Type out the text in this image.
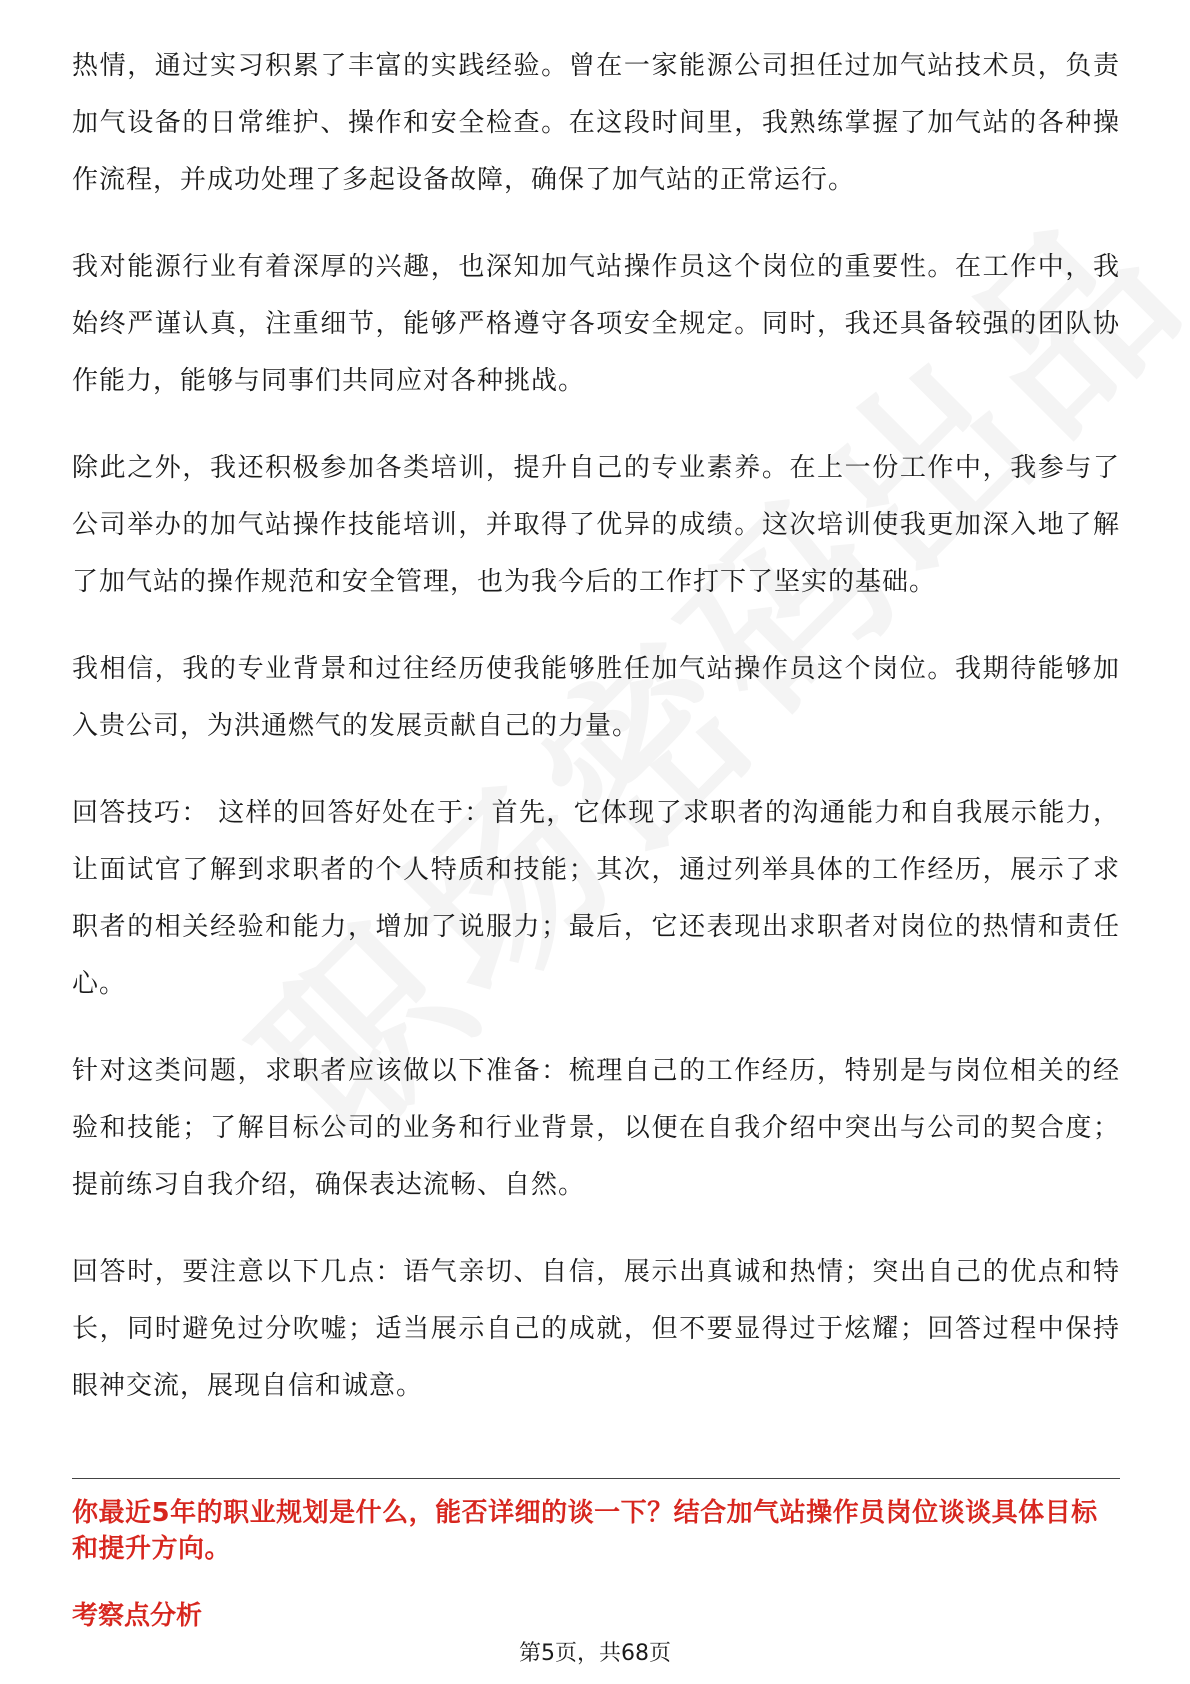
热情，通过实习积累了丰富的实践经验。曾在一家能源公司担任过加气站技术员，负责加气设备的日常维护、操作和安全检查。在这段时间里，我熟练掌握了加气站的各种操作流程，并成功处理了多起设备故障，确保了加气站的正常运行。

我对能源行业有着深厚的兴趣，也深知加气站操作员这个岗位的重要性。在工作中，我始终严谨认真，注重细节，能够严格遵守各项安全规定。同时，我还具备较强的团队协作能力，能够与同事们共同应对各种挑战。

除此之外，我还积极参加各类培训，提升自己的专业素养。在上一份工作中，我参与了公司举办的加气站操作技能培训，并取得了优异的成绩。这次培训使我更加深入地了解了加气站的操作规范和安全管理，也为我今后的工作打下了坚实的基础。

我相信，我的专业背景和过往经历使我能够胜任加气站操作员这个岗位。我期待能够加入贵公司，为洪通燃气的发展贡献自己的力量。

回答技巧： 这样的回答好处在于：首先，它体现了求职者的沟通能力和自我展示能力，让面试官了解到求职者的个人特质和技能；其次，通过列举具体的工作经历，展示了求职者的相关经验和能力，增加了说服力；最后，它还表现出求职者对岗位的热情和责任心。

针对这类问题，求职者应该做以下准备：梳理自己的工作经历，特别是与岗位相关的经验和技能；了解目标公司的业务和行业背景，以便在自我介绍中突出与公司的契合度；提前练习自我介绍，确保表达流畅、自然。

回答时，要注意以下几点：语气亲切、自信，展示出真诚和热情；突出自己的优点和特长，同时避免过分吹嘘；适当展示自己的成就，但不要显得过于炫耀；回答过程中保持眼神交流，展现自信和诚意。

你最近5年的职业规划是什么，能否详细的谈一下？结合加气站操作员岗位谈谈具体目标和提升方向。
考察点分析
第5页，共68页
